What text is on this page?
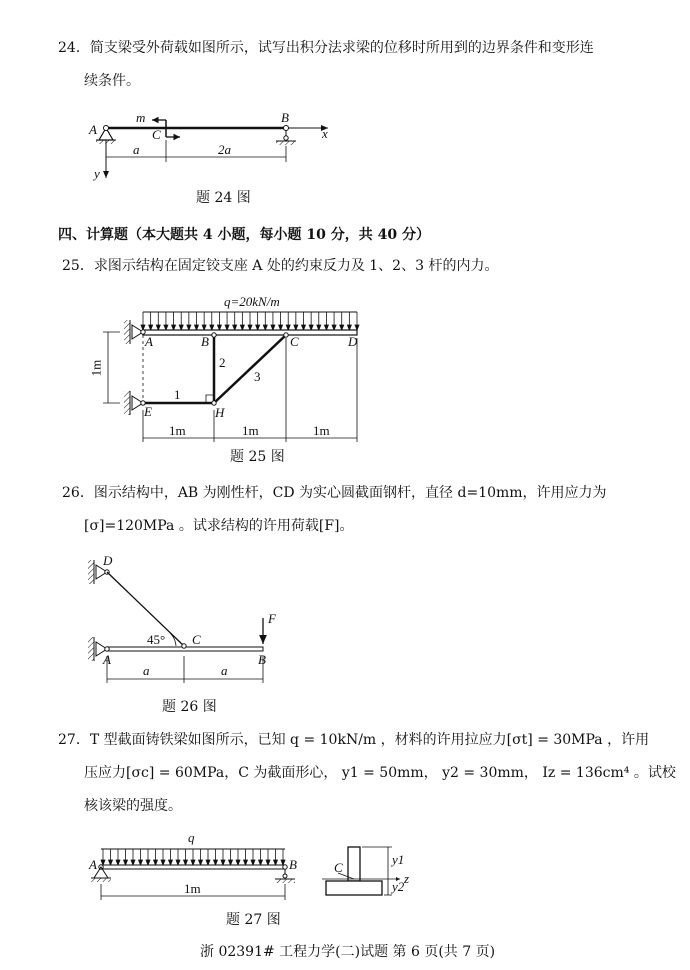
24．简支梁受外荷载如图所示，试写出积分法求梁的位移时所用到的边界条件和变形连
续条件。
m
A	C
B
x
y
a	2a
题 24 图
四、计算题（本大题共 4 小题，每小题 10 分，共 40 分）
25．求图示结构在固定铰支座 A 处的约束反力及 1、2、3 杆的内力。
q=20kN/m
A	B	C	D
E	H
1
2
3
1m
1m	1m	1m
题 25 图
26．图示结构中，AB 为刚性杆，CD 为实心圆截面钢杆，直径 d=10mm，许用应力为
[σ]=120MPa 。试求结构的许用荷载[F]。
D
F
45° C
A	B
a	a
题 26 图
27．T 型截面铸铁梁如图所示，已知 q = 10kN/m ，材料的许用拉应力[σt] = 30MPa ，许用
压应力[σc] = 60MPa，C 为截面形心， y1 = 50mm， y2 = 30mm， Iz = 136cm⁴ 。试校
核该梁的强度。
q
A	B
1m
C
y1
y2
z
题 27 图
浙 02391# 工程力学(二)试题 第 6 页(共 7 页)
